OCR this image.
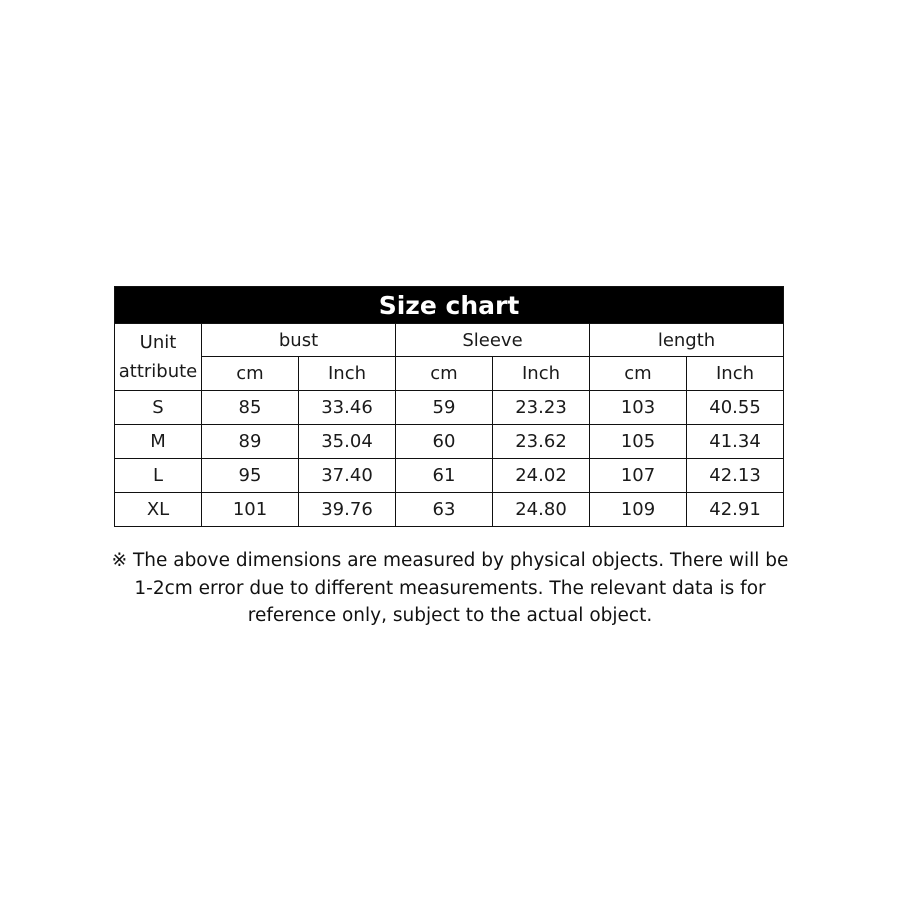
Size chart						

Unit
attribute	bust		Sleeve		length	
	cm	Inch	cm	Inch	cm	Inch
S	85	33.46	59	23.23	103	40.55
M	89	35.04	60	23.62	105	41.34
L	95	37.40	61	24.02	107	42.13
XL	101	39.76	63	24.80	109	42.91
※ The above dimensions are measured by physical objects. There will be
1-2cm error due to different measurements. The relevant data is for
reference only, subject to the actual object.
